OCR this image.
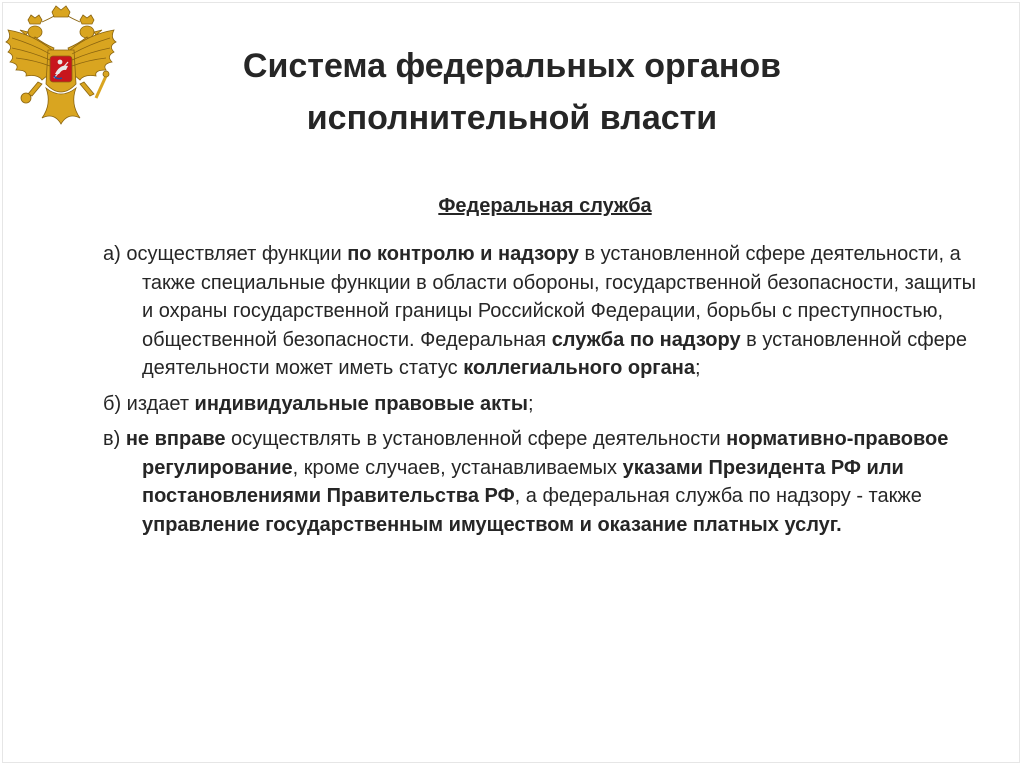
Система федеральных органов
исполнительной власти
Федеральная служба

а) осуществляет функции по контролю и надзору в установленной сфере деятельности, а также специальные функции в области обороны, государственной безопасности, защиты и охраны государственной границы Российской Федерации, борьбы с преступностью, общественной безопасности. Федеральная служба по надзору в установленной сфере деятельности может иметь статус коллегиального органа;

б) издает индивидуальные правовые акты;

в) не вправе осуществлять в установленной сфере деятельности нормативно-правовое регулирование, кроме случаев, устанавливаемых указами Президента РФ или постановлениями Правительства РФ, а федеральная служба по надзору - также управление государственным имуществом и оказание платных услуг.
